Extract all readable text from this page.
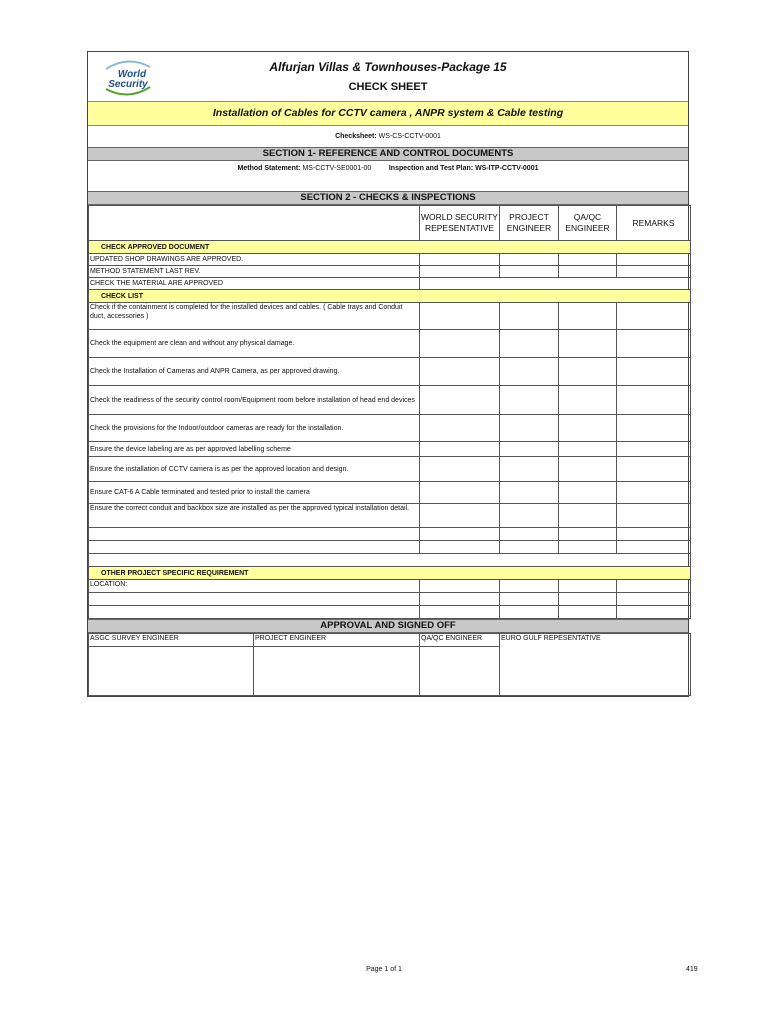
World
Security
Alfurjan Villas & Townhouses-Package 15
CHECK SHEET
Installation of Cables for CCTV camera , ANPR system & Cable testing
Checksheet: WS-CS-CCTV-0001
SECTION 1- REFERENCE AND CONTROL DOCUMENTS
Method Statement: MS-CCTV-SE0001-00	Inspection and Test Plan: WS-ITP-CCTV-0001
SECTION 2 - CHECKS & INSPECTIONS
	WORLD SECURITY REPESENTATIVE	PROJECT ENGINEER	QA/QC ENGINEER	REMARKS
CHECK APPROVED DOCUMENT				
UPDATED SHOP DRAWINGS ARE APPROVED.				
METHOD STATEMENT LAST REV.				
CHECK THE MATERIAL ARE APPROVED				
CHECK LIST				
Check if the containment is completed for the installed devices and cables. ( Cable trays and Conduit duct, accessories )				
Check the equipment are clean and without any physical damage.				
Check the Installation of Cameras and ANPR Camera, as per approved drawing.				
Check the readiness of the security control room/Equipment room before installation of head end devices				
Check the provisions for the Indoor/outdoor cameras are ready for the installation.				
Ensure the device labeling are as per approved labelling scheme				
Ensure the installation of CCTV camera is as per the approved location and design.				
Ensure CAT-6 A Cable terminated and tested prior to install the camera				
Ensure the correct conduit and backbox size are installed as per the approved typical installation detail.				

OTHER PROJECT SPECIFIC REQUIREMENT				
LOCATION:				

APPROVAL AND SIGNED OFF
ASGC SURVEY ENGINEER	PROJECT ENGINEER	QA/QC ENGINEER	EURO GULF REPESENTATIVE

Page 1 of 1	419
